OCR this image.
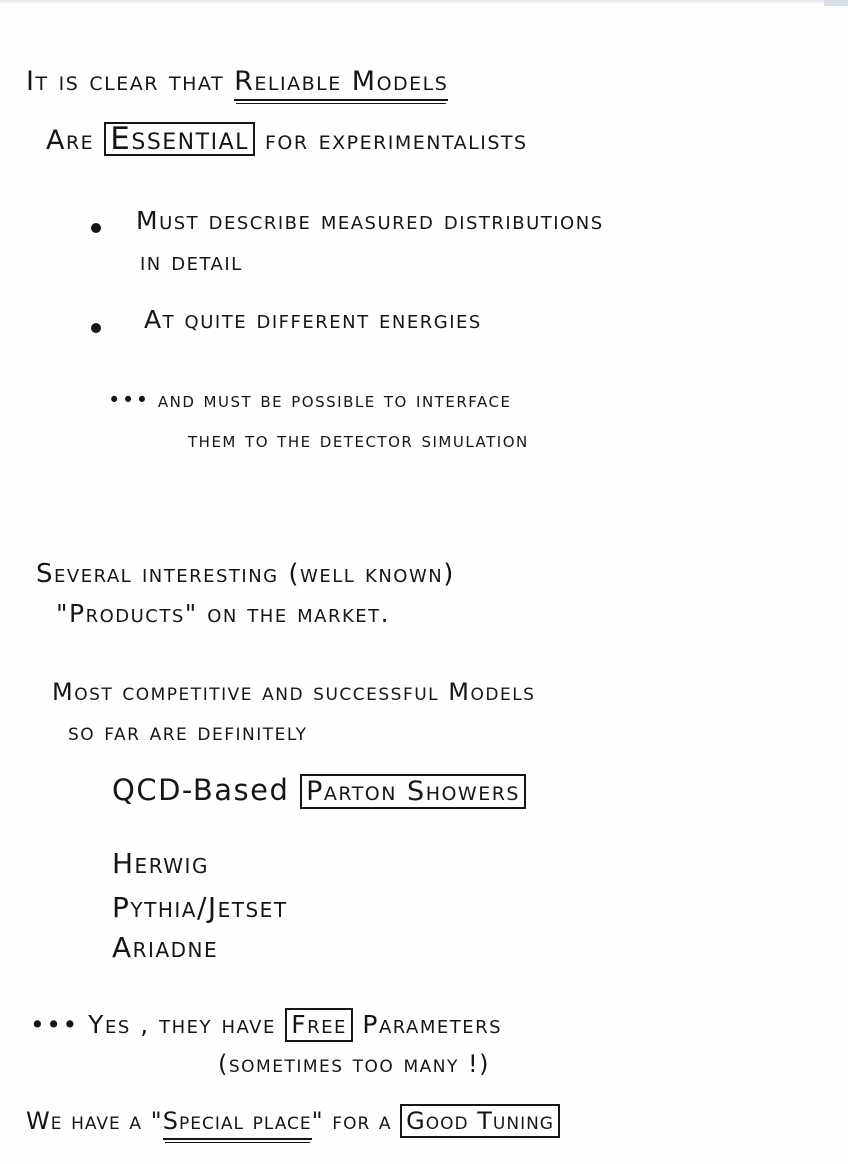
It is clear that Reliable Models
Are Essential for experimentalists
Must describe measured distributions
in detail
At quite different energies
••• and must be possible to interface
them to the detector simulation
Several interesting (well known)
"Products" on the market.
Most competitive and successful Models
so far are definitely
QCD-Based Parton Showers
Herwig
Pythia/Jetset
Ariadne
••• Yes , they have Free Parameters
(sometimes too many !)
We have a "Special place" for a Good Tuning
